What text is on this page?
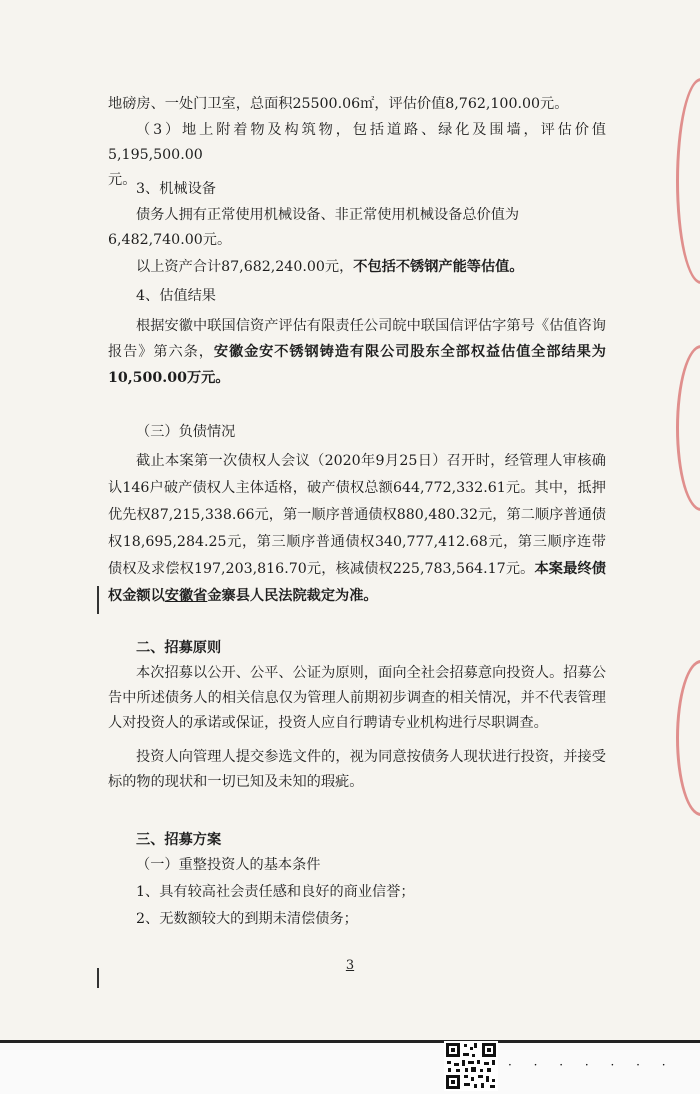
地磅房、一处门卫室，总面积25500.06㎡，评估价值8,762,100.00元。

（3）地上附着物及构筑物，包括道路、绿化及围墙，评估价值5,195,500.00
元。

3、机械设备

债务人拥有正常使用机械设备、非正常使用机械设备总价值为
6,482,740.00元。

以上资产合计87,682,240.00元，不包括不锈钢产能等估值。

4、估值结果

根据安徽中联国信资产评估有限责任公司皖中联国信评估字第号《估值咨询报告》第六条，安徽金安不锈钢铸造有限公司股东全部权益估值全部结果为10,500.00万元。

（三）负债情况

截止本案第一次债权人会议（2020年9月25日）召开时，经管理人审核确认146户破产债权人主体适格，破产债权总额644,772,332.61元。其中，抵押优先权87,215,338.66元，第一顺序普通债权880,480.32元，第二顺序普通债权18,695,284.25元，第三顺序普通债权340,777,412.68元，第三顺序连带债权及求偿权197,203,816.70元，核减债权225,783,564.17元。本案最终债权金额以安徽省金寨县人民法院裁定为准。

二、招募原则

本次招募以公开、公平、公证为原则，面向全社会招募意向投资人。招募公告中所述债务人的相关信息仅为管理人前期初步调查的相关情况，并不代表管理人对投资人的承诺或保证，投资人应自行聘请专业机构进行尽职调查。

投资人向管理人提交参选文件的，视为同意按债务人现状进行投资，并接受标的物的现状和一切已知及未知的瑕疵。

三、招募方案

（一）重整投资人的基本条件

1、具有较高社会责任感和良好的商业信誉；

2、无数额较大的到期未清偿债务；

3
· · · · · · ·
